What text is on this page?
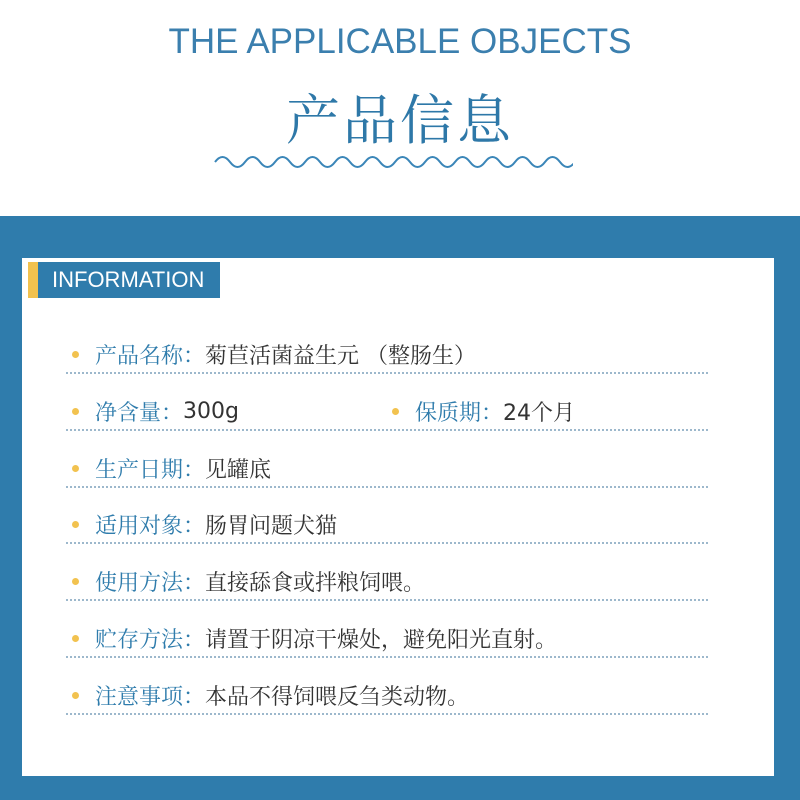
THE APPLICABLE OBJECTS
产品信息
INFORMATION
产品名称： 菊苣活菌益生元 （整肠生）
净含量： 300g	保质期： 24个月
生产日期： 见罐底
适用对象： 肠胃问题犬猫
使用方法： 直接舔食或拌粮饲喂。
贮存方法： 请置于阴凉干燥处，避免阳光直射。
注意事项： 本品不得饲喂反刍类动物。
